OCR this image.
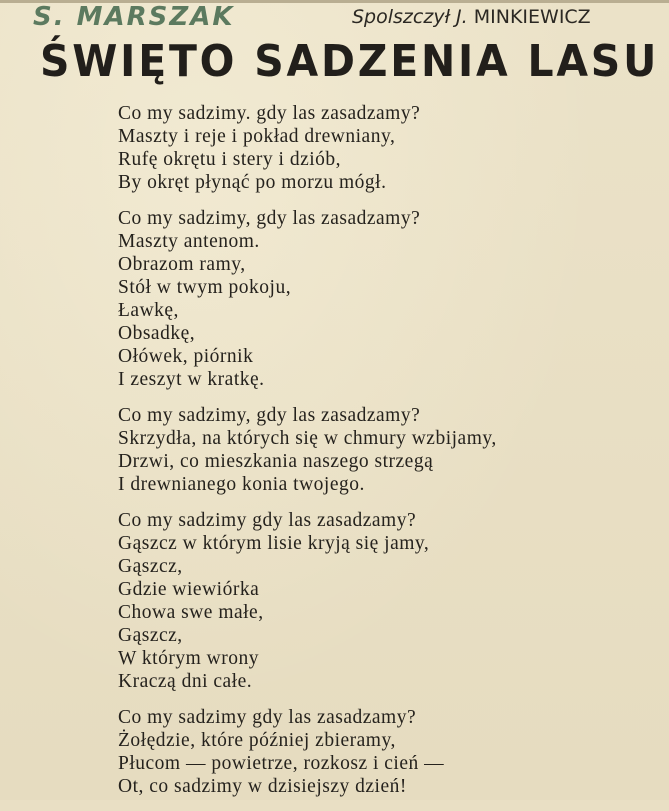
S. MARSZAK	Spolszczył J. MINKIEWICZ
ŚWIĘTO SADZENIA LASU
Co my sadzimy. gdy las zasadzamy?
Maszty i reje i pokład drewniany,
Rufę okrętu i stery i dziób,
By okręt płynąć po morzu mógł.
Co my sadzimy, gdy las zasadzamy?
Maszty antenom.
Obrazom ramy,
Stół w twym pokoju,
Ławkę,
Obsadkę,
Ołówek, piórnik
I zeszyt w kratkę.
Co my sadzimy, gdy las zasadzamy?
Skrzydła, na których się w chmury wzbijamy,
Drzwi, co mieszkania naszego strzegą
I drewnianego konia twojego.
Co my sadzimy gdy las zasadzamy?
Gąszcz w którym lisie kryją się jamy,
Gąszcz,
Gdzie wiewiórka
Chowa swe małe,
Gąszcz,
W którym wrony
Kraczą dni całe.
Co my sadzimy gdy las zasadzamy?
Żołędzie, które później zbieramy,
Płucom — powietrze, rozkosz i cień —
Ot, co sadzimy w dzisiejszy dzień!
